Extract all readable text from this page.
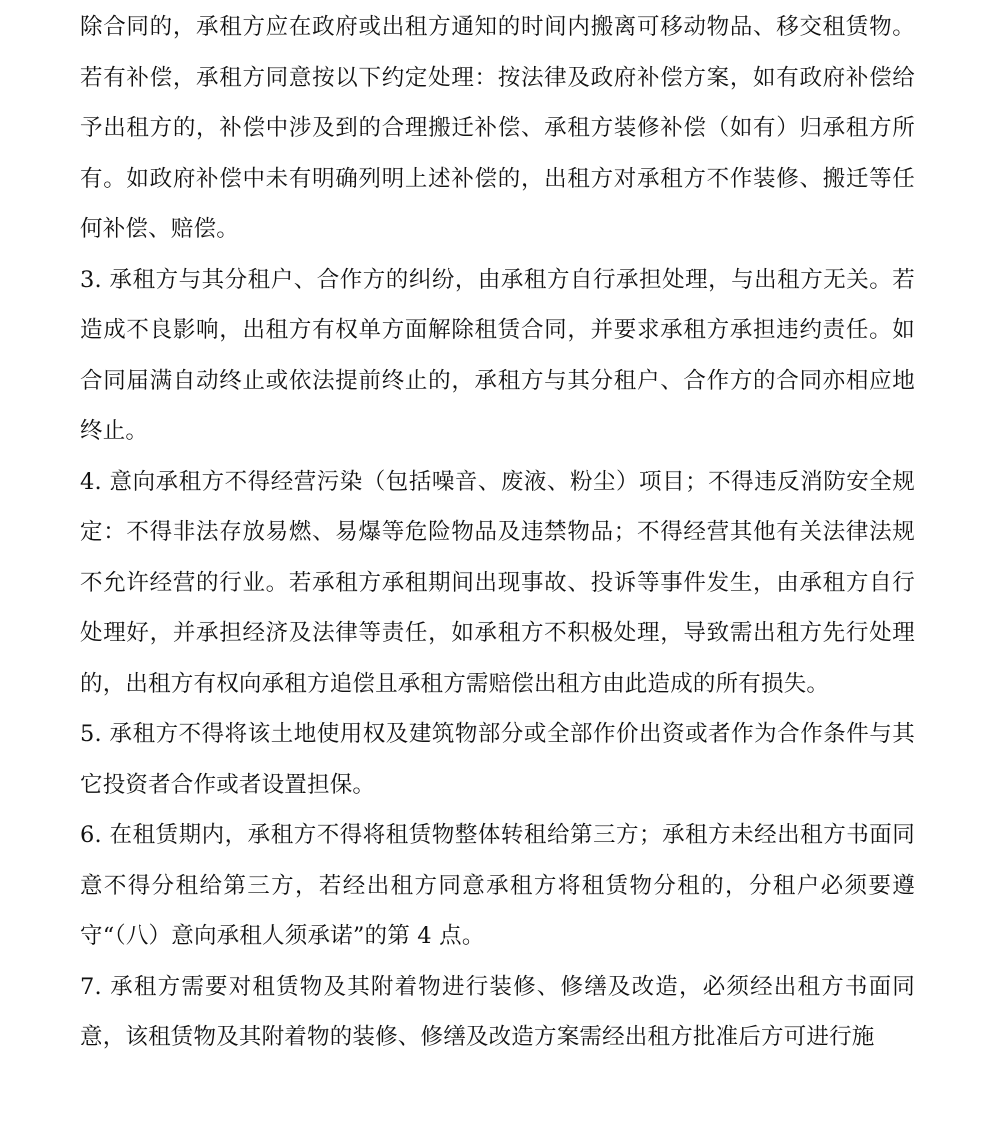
除合同的，承租方应在政府或出租方通知的时间内搬离可移动物品、移交租赁物。若有补偿，承租方同意按以下约定处理：按法律及政府补偿方案，如有政府补偿给予出租方的，补偿中涉及到的合理搬迁补偿、承租方装修补偿（如有）归承租方所有。如政府补偿中未有明确列明上述补偿的，出租方对承租方不作装修、搬迁等任何补偿、赔偿。

3. 承租方与其分租户、合作方的纠纷，由承租方自行承担处理，与出租方无关。若造成不良影响，出租方有权单方面解除租赁合同，并要求承租方承担违约责任。如合同届满自动终止或依法提前终止的，承租方与其分租户、合作方的合同亦相应地终止。

4. 意向承租方不得经营污染（包括噪音、废液、粉尘）项目；不得违反消防安全规定：不得非法存放易燃、易爆等危险物品及违禁物品；不得经营其他有关法律法规不允许经营的行业。若承租方承租期间出现事故、投诉等事件发生，由承租方自行处理好，并承担经济及法律等责任，如承租方不积极处理，导致需出租方先行处理的，出租方有权向承租方追偿且承租方需赔偿出租方由此造成的所有损失。

5. 承租方不得将该土地使用权及建筑物部分或全部作价出资或者作为合作条件与其它投资者合作或者设置担保。

6. 在租赁期内，承租方不得将租赁物整体转租给第三方；承租方未经出租方书面同意不得分租给第三方，若经出租方同意承租方将租赁物分租的，分租户必须要遵守“（八）意向承租人须承诺”的第 4 点。

7. 承租方需要对租赁物及其附着物进行装修、修缮及改造，必须经出租方书面同意，该租赁物及其附着物的装修、修缮及改造方案需经出租方批准后方可进行施
